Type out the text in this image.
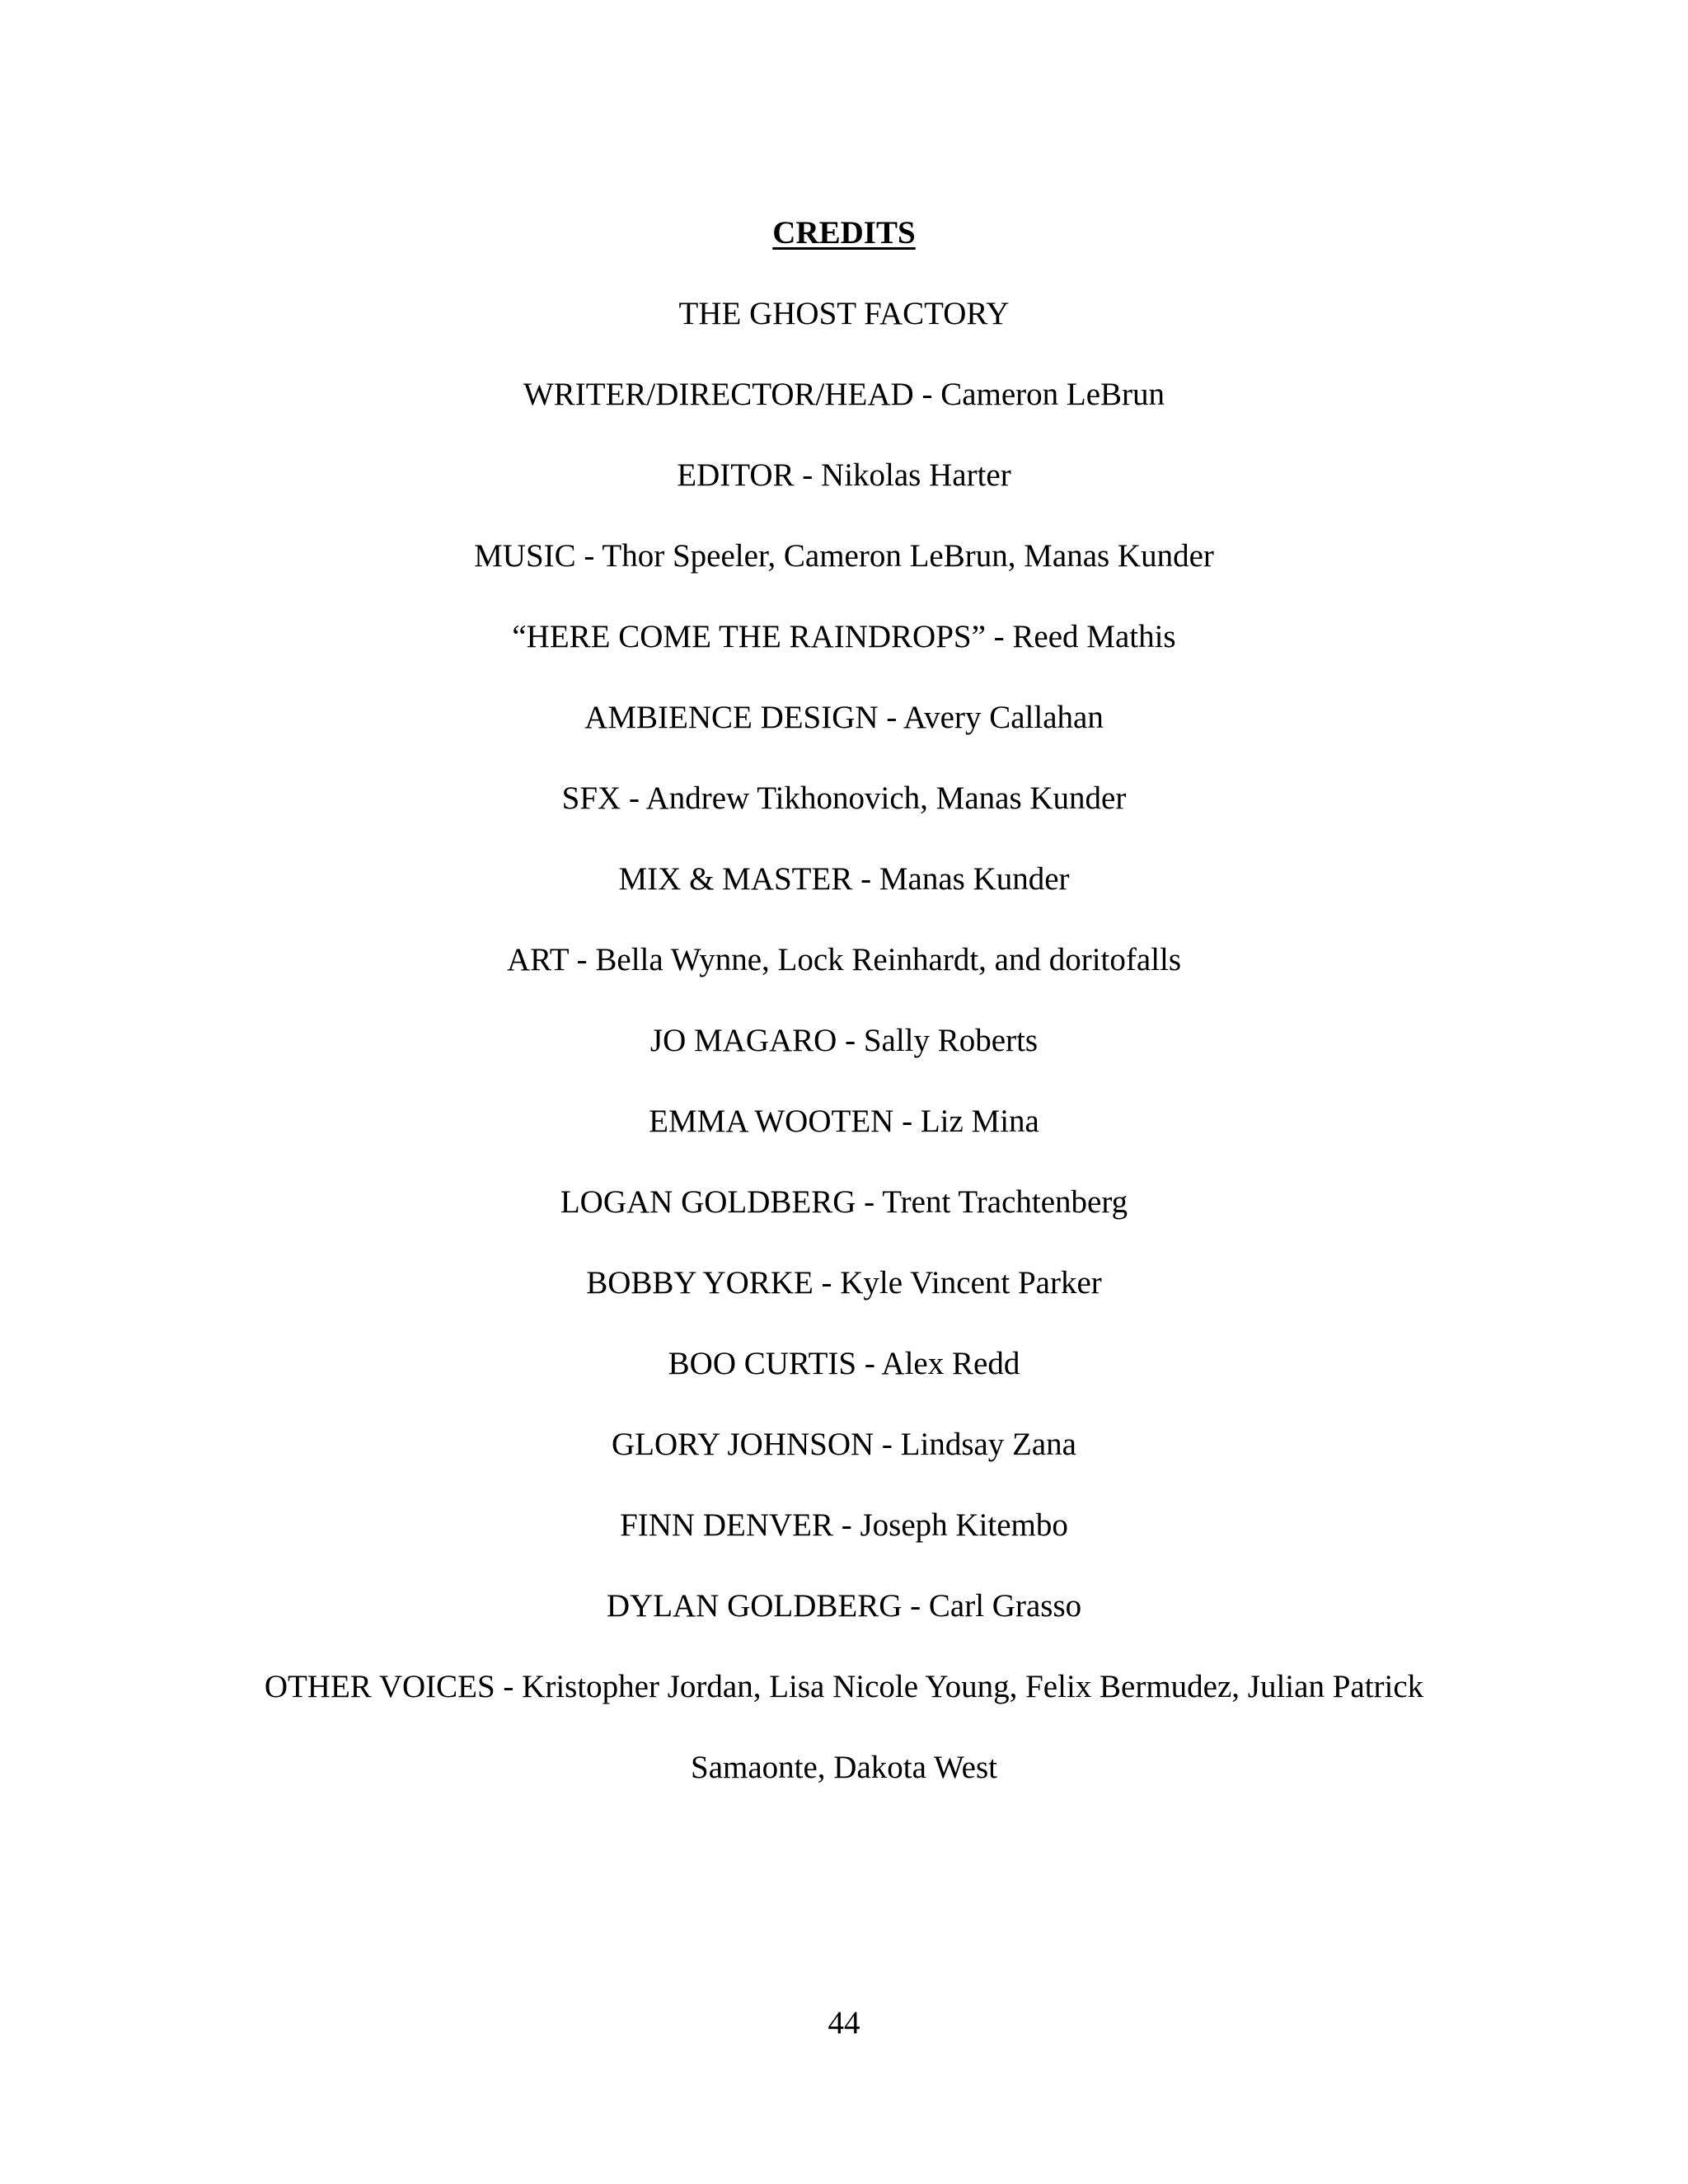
CREDITS
THE GHOST FACTORY
WRITER/DIRECTOR/HEAD - Cameron LeBrun
EDITOR - Nikolas Harter
MUSIC - Thor Speeler, Cameron LeBrun, Manas Kunder
“HERE COME THE RAINDROPS” - Reed Mathis
AMBIENCE DESIGN - Avery Callahan
SFX - Andrew Tikhonovich, Manas Kunder
MIX & MASTER - Manas Kunder
ART - Bella Wynne, Lock Reinhardt, and doritofalls
JO MAGARO - Sally Roberts
EMMA WOOTEN - Liz Mina
LOGAN GOLDBERG - Trent Trachtenberg
BOBBY YORKE - Kyle Vincent Parker
BOO CURTIS - Alex Redd
GLORY JOHNSON - Lindsay Zana
FINN DENVER - Joseph Kitembo
DYLAN GOLDBERG - Carl Grasso
OTHER VOICES - Kristopher Jordan, Lisa Nicole Young, Felix Bermudez, Julian Patrick
Samaonte, Dakota West
44
